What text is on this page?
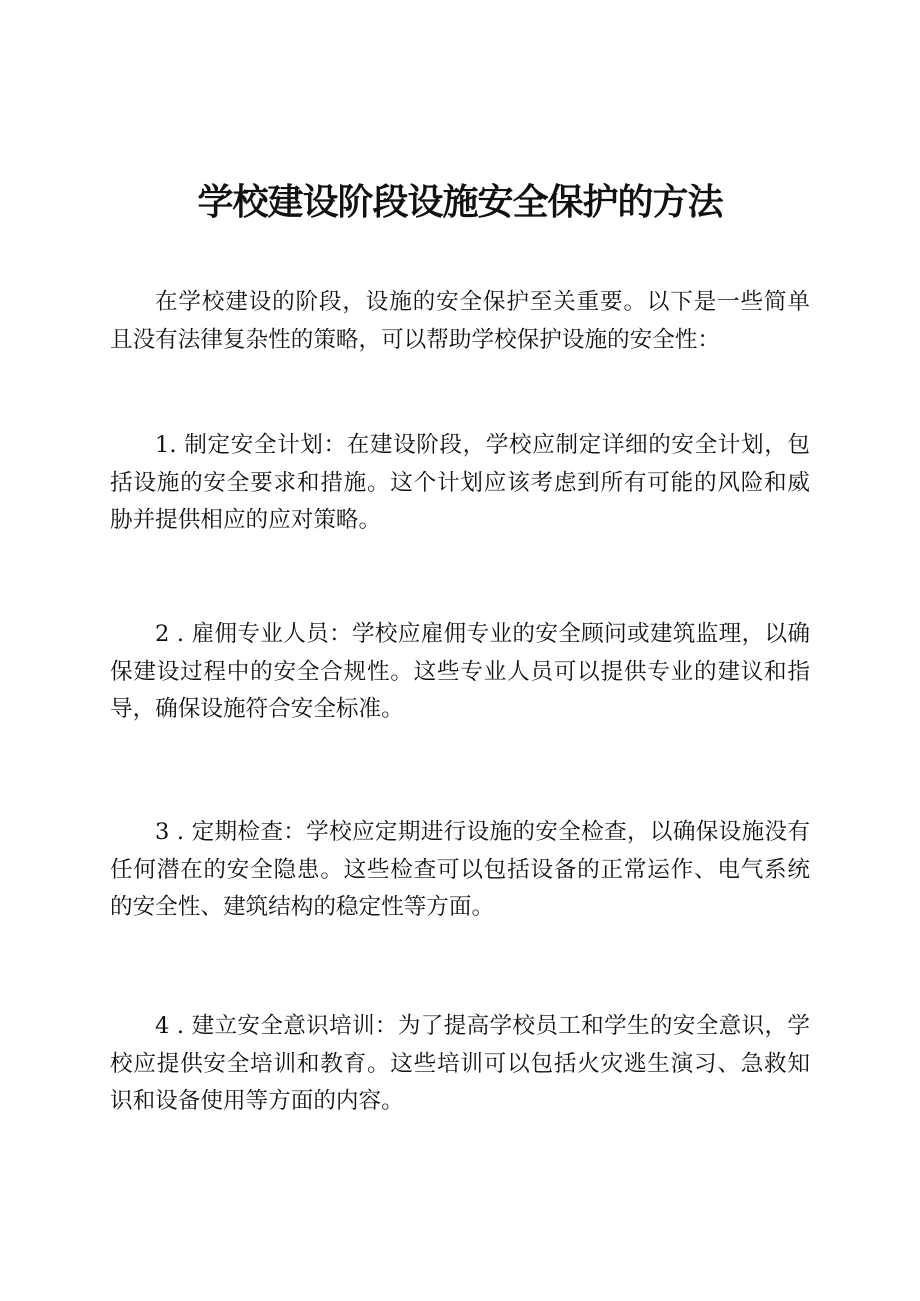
学校建设阶段设施安全保护的方法

在学校建设的阶段，设施的安全保护至关重要。以下是一些简单且没有法律复杂性的策略，可以帮助学校保护设施的安全性：

1. 制定安全计划：在建设阶段，学校应制定详细的安全计划，包括设施的安全要求和措施。这个计划应该考虑到所有可能的风险和威胁并提供相应的应对策略。

2 . 雇佣专业人员：学校应雇佣专业的安全顾问或建筑监理，以确保建设过程中的安全合规性。这些专业人员可以提供专业的建议和指导，确保设施符合安全标准。

3 . 定期检查：学校应定期进行设施的安全检查，以确保设施没有任何潜在的安全隐患。这些检查可以包括设备的正常运作、电气系统的安全性、建筑结构的稳定性等方面。

4 . 建立安全意识培训：为了提高学校员工和学生的安全意识，学校应提供安全培训和教育。这些培训可以包括火灾逃生演习、急救知识和设备使用等方面的内容。
